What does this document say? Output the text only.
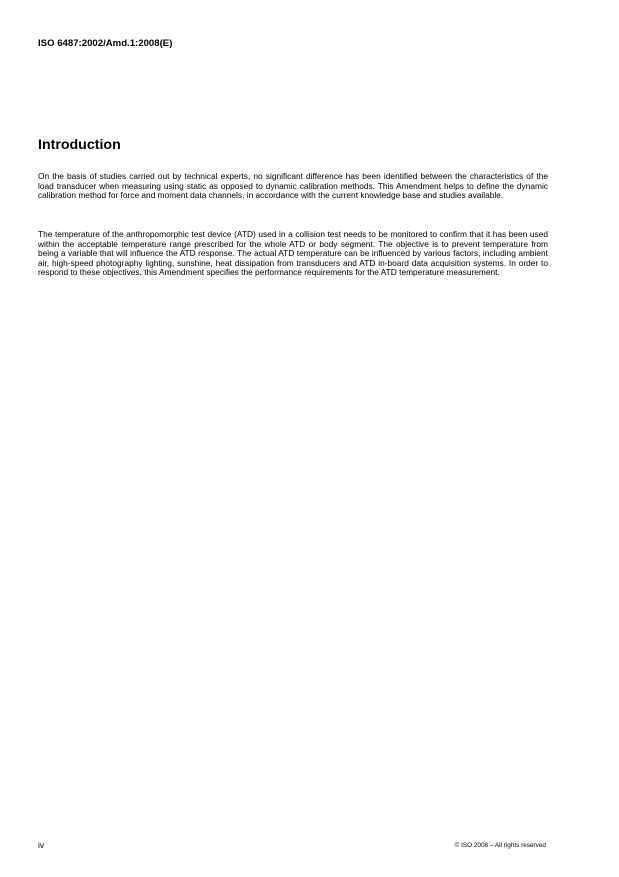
ISO 6487:2002/Amd.1:2008(E)
Introduction

On the basis of studies carried out by technical experts, no significant difference has been identified between the characteristics of the load transducer when measuring using static as opposed to dynamic calibration methods. This Amendment helps to define the dynamic calibration method for force and moment data channels, in accordance with the current knowledge base and studies available.

The temperature of the anthropomorphic test device (ATD) used in a collision test needs to be monitored to confirm that it has been used within the acceptable temperature range prescribed for the whole ATD or body segment. The objective is to prevent temperature from being a variable that will influence the ATD response. The actual ATD temperature can be influenced by various factors, including ambient air, high-speed photography lighting, sunshine, heat dissipation from transducers and ATD in-board data acquisition systems. In order to respond to these objectives, this Amendment specifies the performance requirements for the ATD temperature measurement.

iv	© ISO 2008 – All rights reserved
